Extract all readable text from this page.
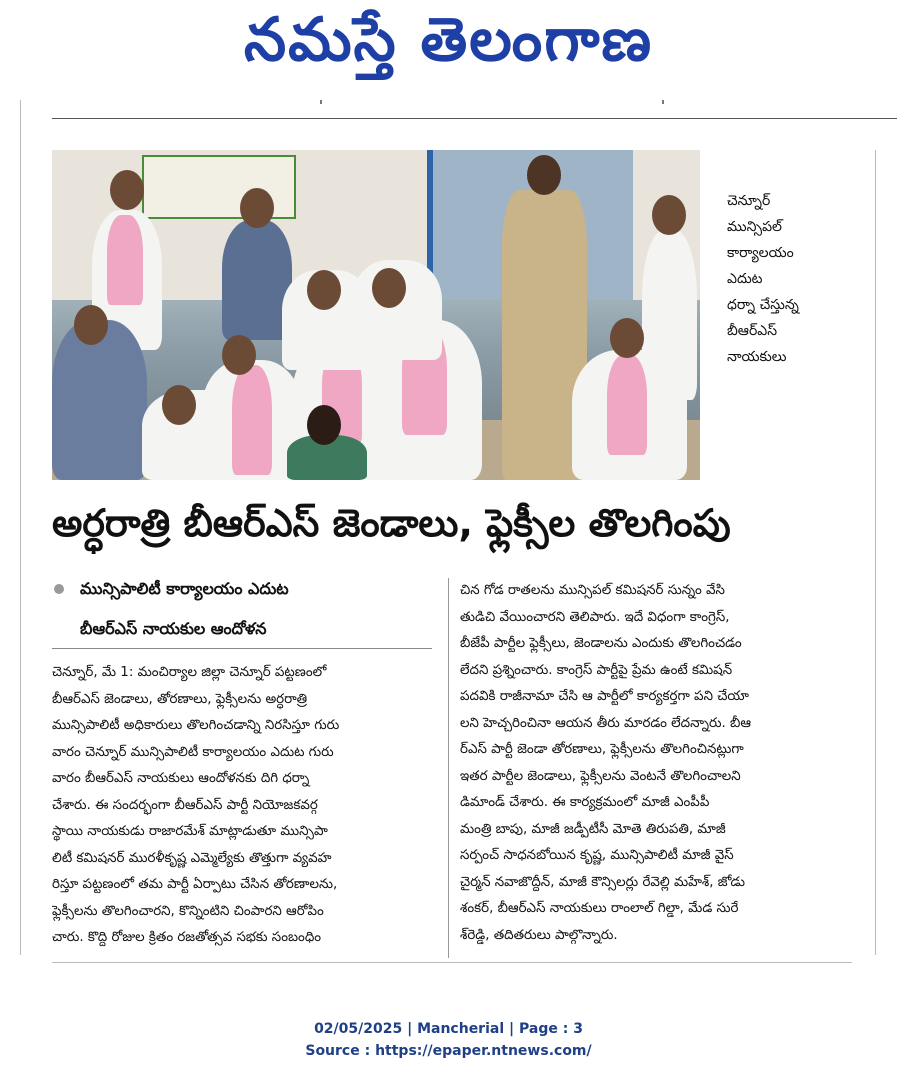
నమస్తే తెలంగాణ
చెన్నూర్
మున్సిపల్
కార్యాలయం
ఎదుట
ధర్నా చేస్తున్న
బీఆర్ఎస్
నాయకులు
అర్ధరాత్రి బీఆర్ఎస్ జెండాలు, ఫ్లెక్సీల తొలగింపు
మున్సిపాలిటీ కార్యాలయం ఎదుట
బీఆర్ఎస్ నాయకుల ఆందోళన
చెన్నూర్, మే 1: మంచిర్యాల జిల్లా చెన్నూర్ పట్టణంలో
బీఆర్ఎస్ జెండాలు, తోరణాలు, ఫ్లెక్సీలను అర్ధరాత్రి
మున్సిపాలిటీ అధికారులు తొలగించడాన్ని నిరసిస్తూ గురు
వారం చెన్నూర్ మున్సిపాలిటీ కార్యాలయం ఎదుట గురు
వారం బీఆర్ఎస్ నాయకులు ఆందోళనకు దిగి ధర్నా
చేశారు. ఈ సందర్భంగా బీఆర్ఎస్ పార్టీ నియోజకవర్గ
స్థాయి నాయకుడు రాజారమేశ్ మాట్లాడుతూ మున్సిపా
లిటీ కమిషనర్ మురళీకృష్ణ ఎమ్మెల్యేకు తొత్తుగా వ్యవహ
రిస్తూ పట్టణంలో తమ పార్టీ ఏర్పాటు చేసిన తోరణాలను,
ఫ్లెక్సీలను తొలగించారని, కొన్నింటిని చింపారని ఆరోపిం
చారు. కొద్ది రోజుల క్రితం రజతోత్సవ సభకు సంబంధిం
చిన గోడ రాతలను మున్సిపల్ కమిషనర్ సున్నం వేసి
తుడిచి వేయించారని తెలిపారు. ఇదే విధంగా కాంగ్రెస్,
బీజేపీ పార్టీల ఫ్లెక్సీలు, జెండాలను ఎందుకు తొలగించడం
లేదని ప్రశ్నించారు. కాంగ్రెస్ పార్టీపై ప్రేమ ఉంటే కమిషన్
పదవికి రాజీనామా చేసి ఆ పార్టీలో కార్యకర్తగా పని చేయా
లని హెచ్చరించినా ఆయన తీరు మారడం లేదన్నారు. బీఆ
ర్ఎస్ పార్టీ జెండా తోరణాలు, ఫ్లెక్సీలను తొలగించినట్లుగా
ఇతర పార్టీల జెండాలు, ఫ్లెక్సీలను వెంటనే తొలగించాలని
డిమాండ్ చేశారు. ఈ కార్యక్రమంలో మాజీ ఎంపీపీ
మంత్రి బాపు, మాజీ జడ్పీటీసీ మోతె తిరుపతి, మాజీ
సర్పంచ్ సాధనబోయిన కృష్ణ, మున్సిపాలిటీ మాజీ వైస్
చైర్మన్ నవాజొద్దీన్, మాజీ కౌన్సిలర్లు రేవెల్లి మహేశ్, జోడు
శంకర్, బీఆర్ఎస్ నాయకులు రాంలాల్ గిల్డా, మేడ సురే
శ్‌రెడ్డి, తదితరులు పాల్గొన్నారు.
02/05/2025 | Mancherial | Page : 3
Source : https://epaper.ntnews.com/
